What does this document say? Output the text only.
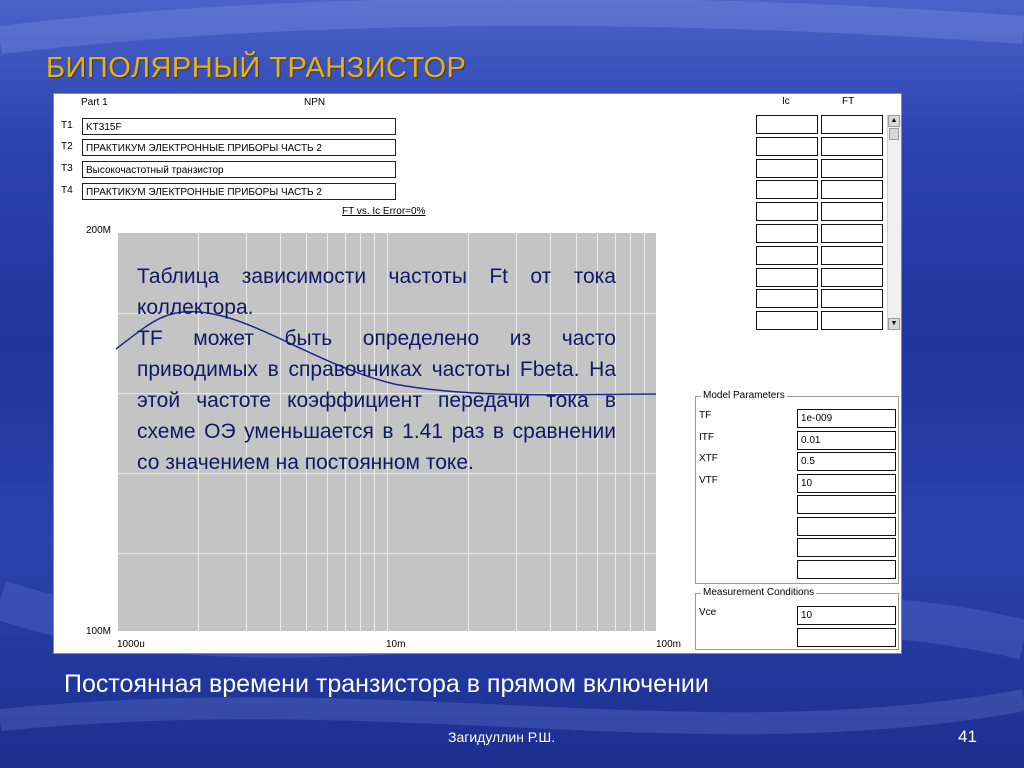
БИПОЛЯРНЫЙ ТРАНЗИСТОР
Part 1	NPN
T1	KT315F
T2	ПРАКТИКУМ ЭЛЕКТРОННЫЕ ПРИБОРЫ ЧАСТЬ 2
T3	Высокочастотный транзистор
T4	ПРАКТИКУМ ЭЛЕКТРОННЫЕ ПРИБОРЫ ЧАСТЬ 2
FT vs. Ic Error=0%
200M
100M
1000u	10m	100m

Таблица зависимости частоты Ft от тока коллектора.

TF может быть определено из часто приводимых в справочниках частоты Fbeta. На этой частоте коэффициент передачи тока в схеме ОЭ уменьшается в 1.41 раз в сравнении со значением на постоянном токе.

Ic	FT
▲
▼
Model Parameters
TF	1e-009
ITF	0.01
XTF	0.5
VTF	10
Measurement Conditions
Vce	10
Постоянная времени транзистора в прямом включении
Загидуллин Р.Ш.	41
